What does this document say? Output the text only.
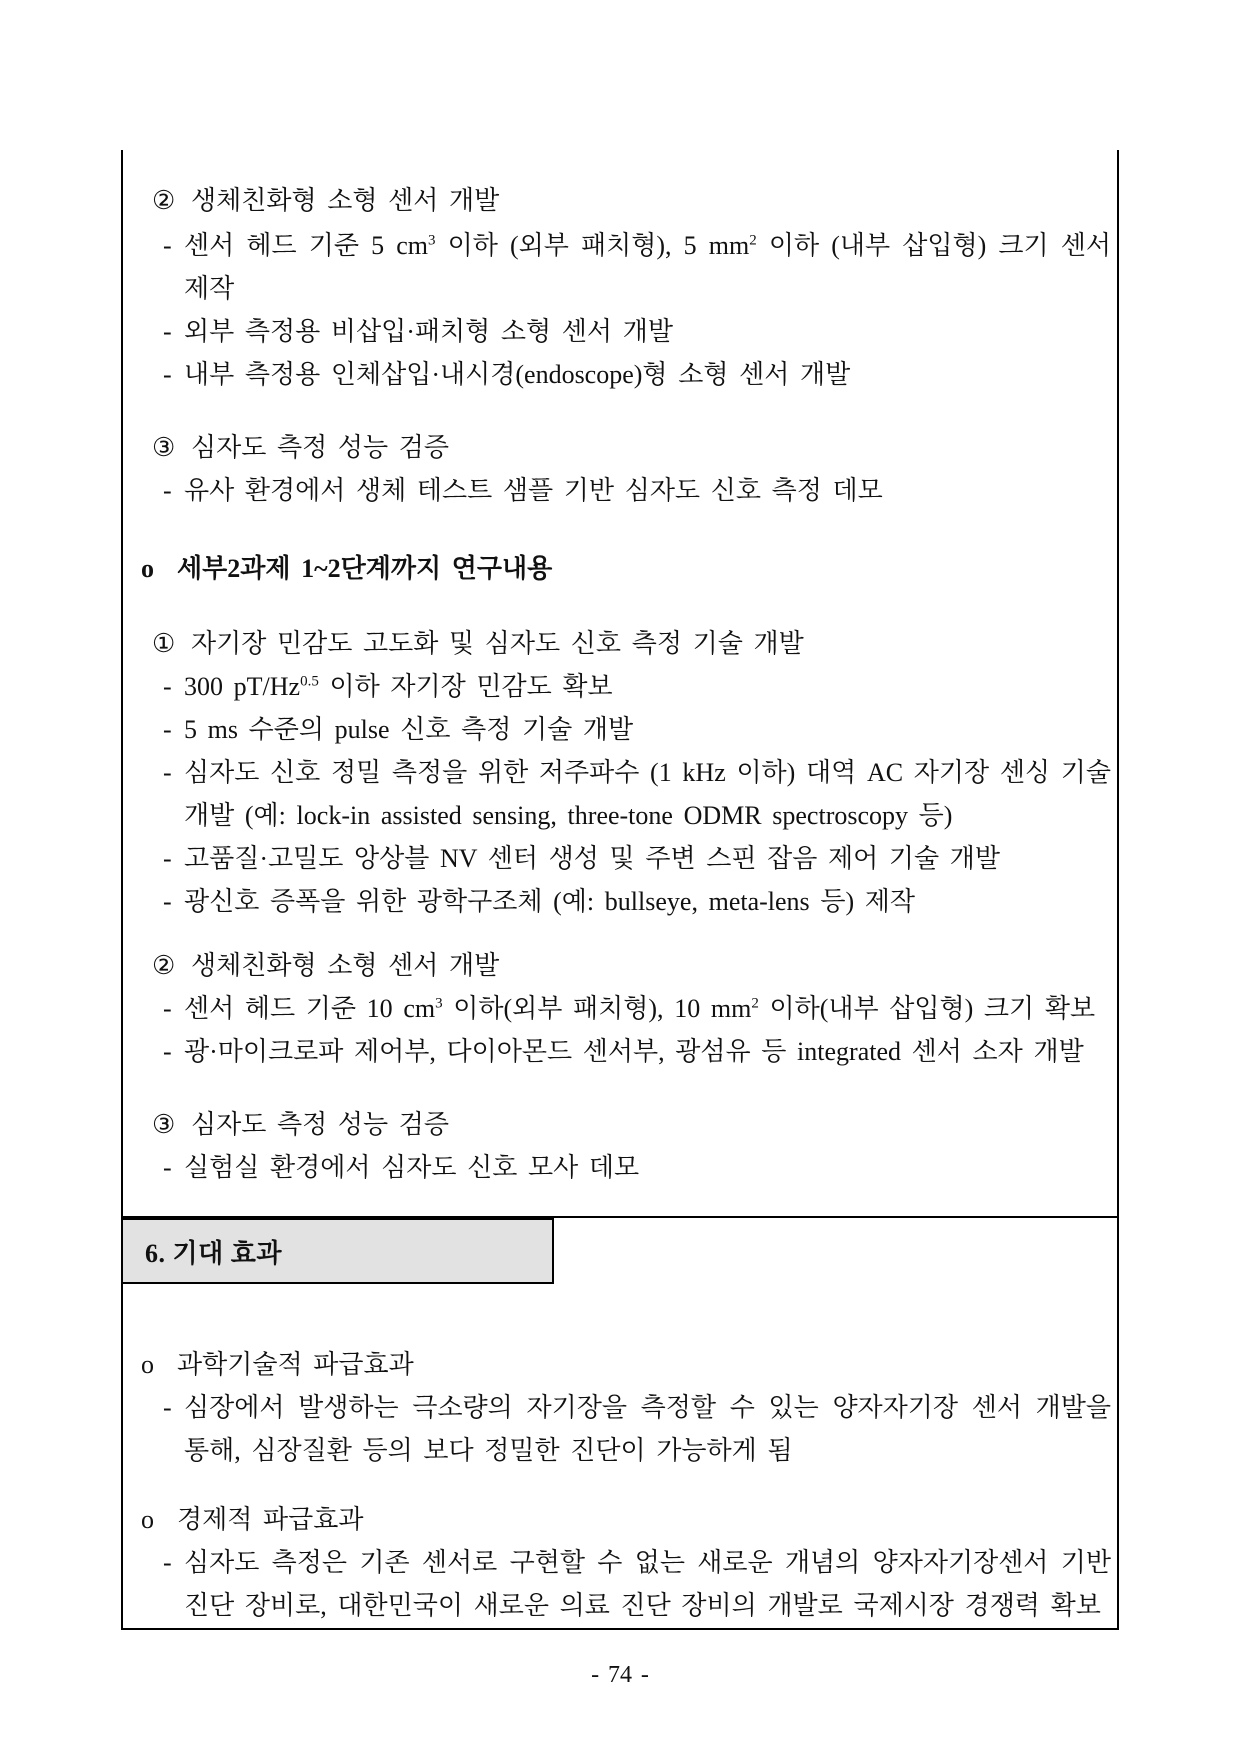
② 생체친화형 소형 센서 개발

- 센서 헤드 기준 5 $cm^3$ 이하 (외부 패치형), 5 $mm^2$ 이하 (내부 삽입형) 크기 센서 제작

- 외부 측정용 비삽입·패치형 소형 센서 개발

- 내부 측정용 인체삽입·내시경(endoscope)형 소형 센서 개발

③ 심자도 측정 성능 검증

- 유사 환경에서 생체 테스트 샘플 기반 심자도 신호 측정 데모

o 세부2과제 1~2단계까지 연구내용

① 자기장 민감도 고도화 및 심자도 신호 측정 기술 개발

- 300 $pT/Hz^{0.5}$ 이하 자기장 민감도 확보

- 5 ms 수준의 pulse 신호 측정 기술 개발

- 심자도 신호 정밀 측정을 위한 저주파수 (1 kHz 이하) 대역 AC 자기장 센싱 기술 개발 (예: lock-in assisted sensing, three-tone ODMR spectroscopy 등)

- 고품질·고밀도 앙상블 NV 센터 생성 및 주변 스핀 잡음 제어 기술 개발

- 광신호 증폭을 위한 광학구조체 (예: bullseye, meta-lens 등) 제작

② 생체친화형 소형 센서 개발

- 센서 헤드 기준 10 $cm^3$ 이하(외부 패치형), 10 $mm^2$ 이하(내부 삽입형) 크기 확보

- 광·마이크로파 제어부, 다이아몬드 센서부, 광섬유 등 integrated 센서 소자 개발

③ 심자도 측정 성능 검증

- 실험실 환경에서 심자도 신호 모사 데모

6. 기대 효과

o 과학기술적 파급효과

- 심장에서 발생하는 극소량의 자기장을 측정할 수 있는 양자자기장 센서 개발을 통해, 심장질환 등의 보다 정밀한 진단이 가능하게 됨

o 경제적 파급효과

- 심자도 측정은 기존 센서로 구현할 수 없는 새로운 개념의 양자자기장센서 기반 진단 장비로, 대한민국이 새로운 의료 진단 장비의 개발로 국제시장 경쟁력 확보

- 74 -
